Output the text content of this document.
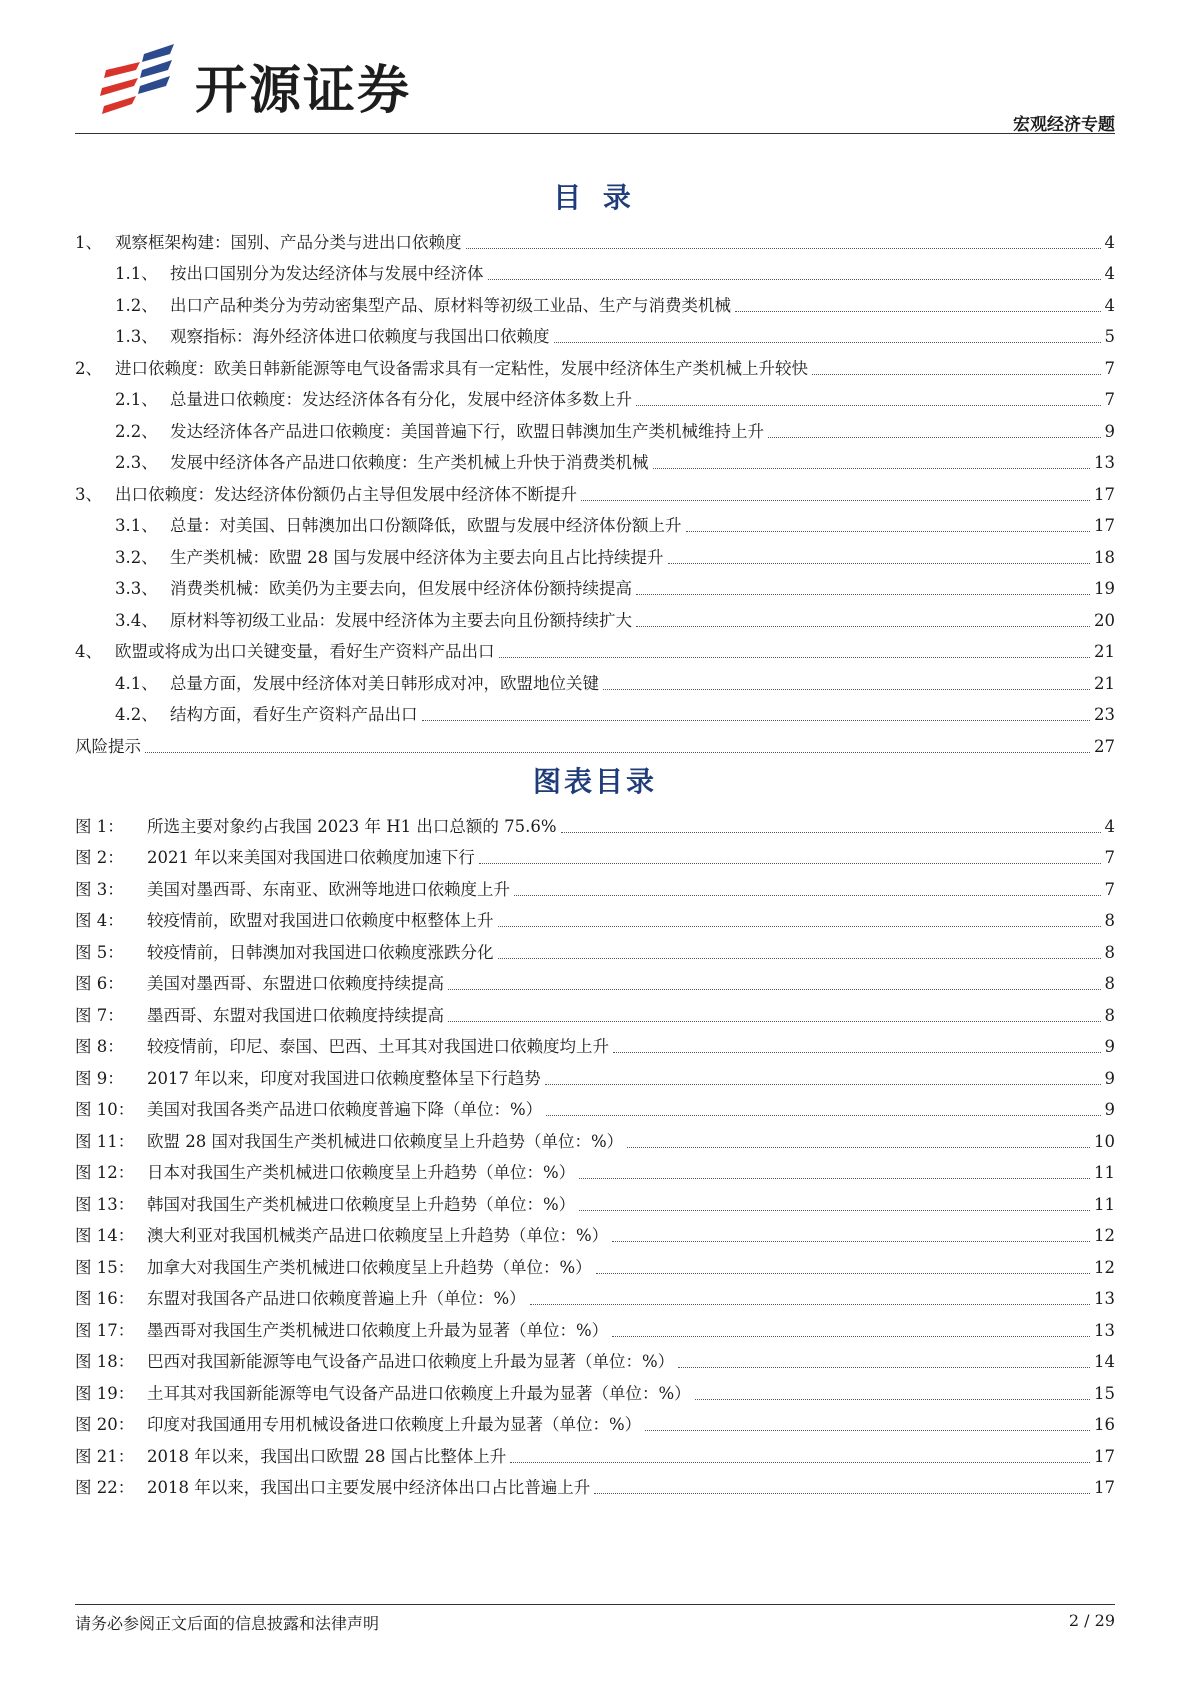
开源证券
宏观经济专题
目 录
1、 观察框架构建：国别、产品分类与进出口依赖度	4
1.1、 按出口国别分为发达经济体与发展中经济体	4
1.2、 出口产品种类分为劳动密集型产品、原材料等初级工业品、生产与消费类机械	4
1.3、 观察指标：海外经济体进口依赖度与我国出口依赖度	5
2、 进口依赖度：欧美日韩新能源等电气设备需求具有一定粘性，发展中经济体生产类机械上升较快	7
2.1、 总量进口依赖度：发达经济体各有分化，发展中经济体多数上升	7
2.2、 发达经济体各产品进口依赖度：美国普遍下行，欧盟日韩澳加生产类机械维持上升	9
2.3、 发展中经济体各产品进口依赖度：生产类机械上升快于消费类机械	13
3、 出口依赖度：发达经济体份额仍占主导但发展中经济体不断提升	17
3.1、 总量：对美国、日韩澳加出口份额降低，欧盟与发展中经济体份额上升	17
3.2、 生产类机械：欧盟 28 国与发展中经济体为主要去向且占比持续提升	18
3.3、 消费类机械：欧美仍为主要去向，但发展中经济体份额持续提高	19
3.4、 原材料等初级工业品：发展中经济体为主要去向且份额持续扩大	20
4、 欧盟或将成为出口关键变量，看好生产资料产品出口	21
4.1、 总量方面，发展中经济体对美日韩形成对冲，欧盟地位关键	21
4.2、 结构方面，看好生产资料产品出口	23
风险提示	27
图表目录
图 1：	所选主要对象约占我国 2023 年 H1 出口总额的 75.6%	4
图 2：	2021 年以来美国对我国进口依赖度加速下行	7
图 3：	美国对墨西哥、东南亚、欧洲等地进口依赖度上升	7
图 4：	较疫情前，欧盟对我国进口依赖度中枢整体上升	8
图 5：	较疫情前，日韩澳加对我国进口依赖度涨跌分化	8
图 6：	美国对墨西哥、东盟进口依赖度持续提高	8
图 7：	墨西哥、东盟对我国进口依赖度持续提高	8
图 8：	较疫情前，印尼、泰国、巴西、土耳其对我国进口依赖度均上升	9
图 9：	2017 年以来，印度对我国进口依赖度整体呈下行趋势	9
图 10： 美国对我国各类产品进口依赖度普遍下降（单位：%）	9
图 11： 欧盟 28 国对我国生产类机械进口依赖度呈上升趋势（单位：%）	10
图 12： 日本对我国生产类机械进口依赖度呈上升趋势（单位：%）	11
图 13： 韩国对我国生产类机械进口依赖度呈上升趋势（单位：%）	11
图 14： 澳大利亚对我国机械类产品进口依赖度呈上升趋势（单位：%）	12
图 15： 加拿大对我国生产类机械进口依赖度呈上升趋势（单位：%）	12
图 16： 东盟对我国各产品进口依赖度普遍上升（单位：%）	13
图 17： 墨西哥对我国生产类机械进口依赖度上升最为显著（单位：%）	13
图 18： 巴西对我国新能源等电气设备产品进口依赖度上升最为显著（单位：%）	14
图 19： 土耳其对我国新能源等电气设备产品进口依赖度上升最为显著（单位：%）	15
图 20： 印度对我国通用专用机械设备进口依赖度上升最为显著（单位：%）	16
图 21： 2018 年以来，我国出口欧盟 28 国占比整体上升	17
图 22： 2018 年以来，我国出口主要发展中经济体出口占比普遍上升	17
请务必参阅正文后面的信息披露和法律声明	2 / 29
